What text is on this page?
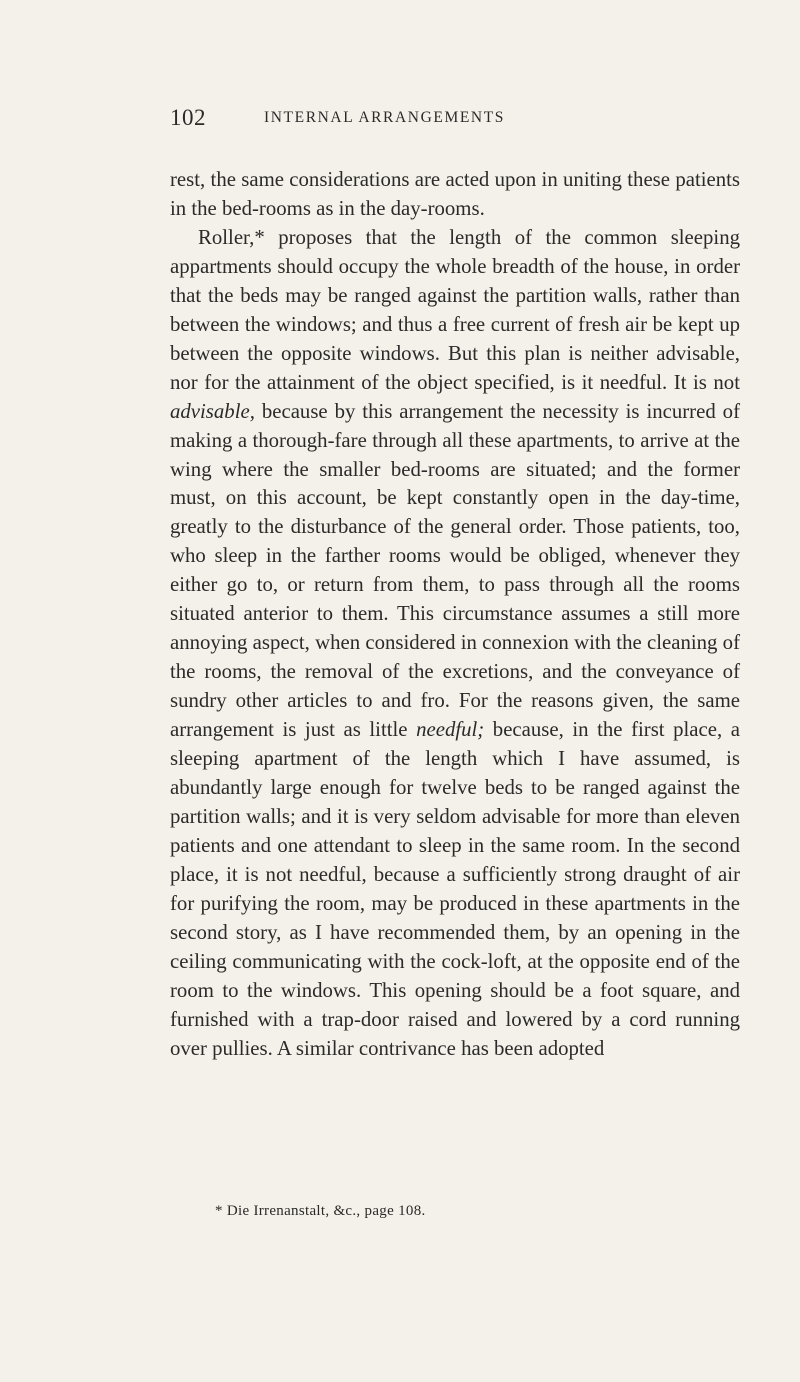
102	INTERNAL ARRANGEMENTS

rest, the same considerations are acted upon in uniting these patients in the bed-rooms as in the day-rooms.

Roller,* proposes that the length of the common sleeping appartments should occupy the whole breadth of the house, in order that the beds may be ranged against the partition walls, rather than between the windows; and thus a free current of fresh air be kept up between the opposite windows. But this plan is neither advisable, nor for the attainment of the object specified, is it needful. It is not advisable, because by this arrangement the necessity is incurred of making a thorough-fare through all these apartments, to arrive at the wing where the smaller bed-rooms are situated; and the former must, on this account, be kept constantly open in the day-time, greatly to the disturbance of the general order. Those patients, too, who sleep in the farther rooms would be obliged, whenever they either go to, or return from them, to pass through all the rooms situated anterior to them. This circumstance assumes a still more annoying aspect, when considered in connexion with the cleaning of the rooms, the removal of the excretions, and the conveyance of sundry other articles to and fro. For the reasons given, the same arrangement is just as little needful; because, in the first place, a sleeping apartment of the length which I have assumed, is abundantly large enough for twelve beds to be ranged against the partition walls; and it is very seldom advisable for more than eleven patients and one attendant to sleep in the same room. In the second place, it is not needful, because a sufficiently strong draught of air for purifying the room, may be produced in these apartments in the second story, as I have recommended them, by an opening in the ceiling communicating with the cock-loft, at the opposite end of the room to the windows. This opening should be a foot square, and furnished with a trap-door raised and lowered by a cord running over pullies. A similar contrivance has been adopted

* Die Irrenanstalt, &c., page 108.
